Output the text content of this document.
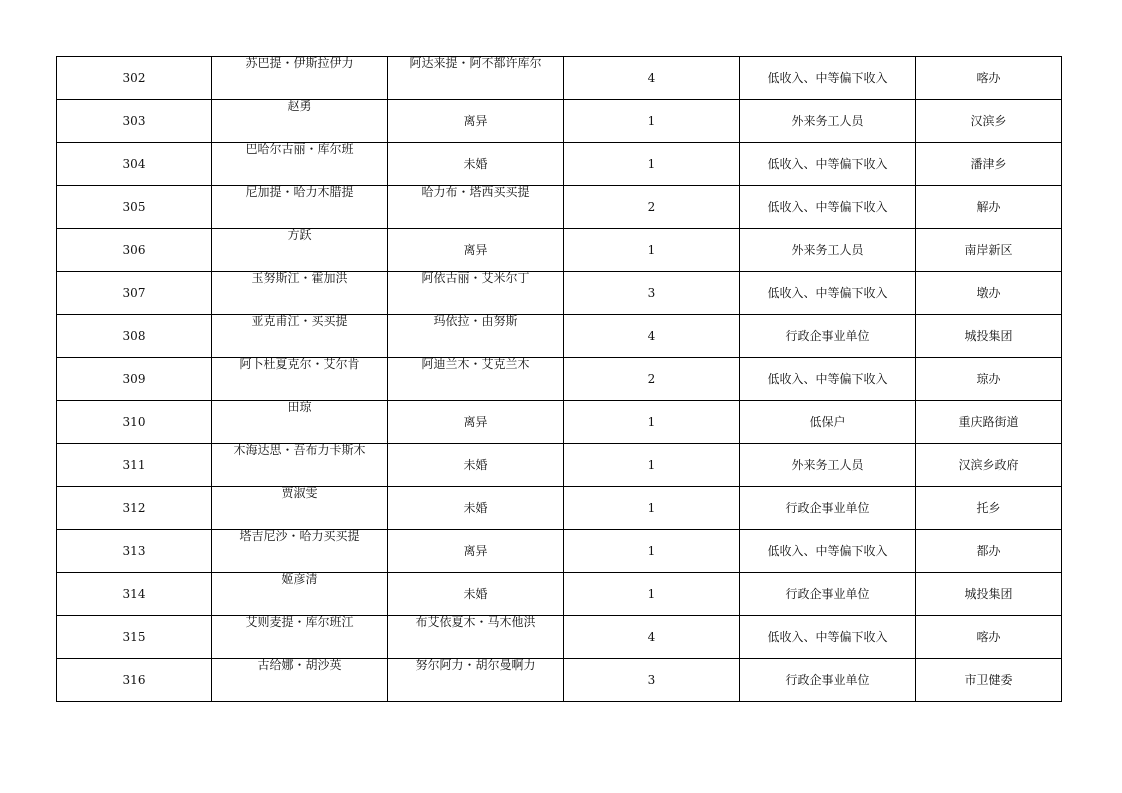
302	苏巴提・伊斯拉伊力	阿达来提・阿不都许库尔	4	低收入、中等偏下收入	喀办
303	赵勇	离异	1	外来务工人员	汉滨乡
304	巴哈尔古丽・库尔班	未婚	1	低收入、中等偏下收入	潘津乡
305	尼加提・哈力木腊提	哈力布・塔西买买提	2	低收入、中等偏下收入	解办
306	方跃	离异	1	外来务工人员	南岸新区
307	玉努斯江・霍加洪	阿依古丽・艾米尔丁	3	低收入、中等偏下收入	墩办
308	亚克甫江・买买提	玛依拉・由努斯	4	行政企事业单位	城投集团
309	阿卜杜夏克尔・艾尔肯	阿迪兰木・艾克兰木	2	低收入、中等偏下收入	琼办
310	田琼	离异	1	低保户	重庆路街道
311	木海达思・吾布力卡斯木	未婚	1	外来务工人员	汉滨乡政府
312	贾淑雯	未婚	1	行政企事业单位	托乡
313	塔吉尼沙・哈力买买提	离异	1	低收入、中等偏下收入	都办
314	姬彦清	未婚	1	行政企事业单位	城投集团
315	艾则麦提・库尔班江	布艾依夏木・马木他洪	4	低收入、中等偏下收入	喀办
316	古给娜・胡沙英	努尔阿力・胡尔曼啊力	3	行政企事业单位	市卫健委
